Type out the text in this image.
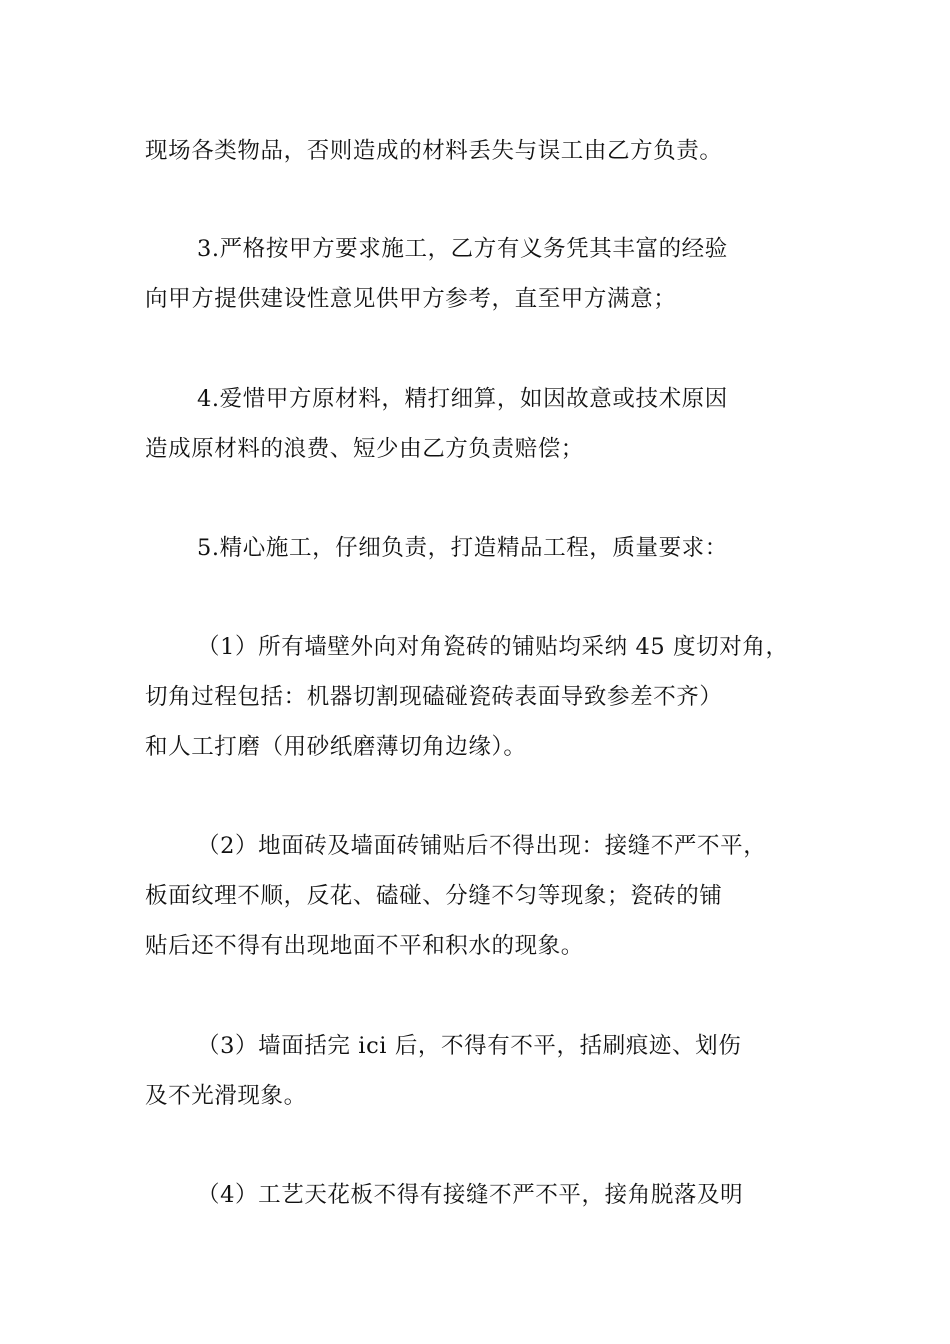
现场各类物品，否则造成的材料丢失与误工由乙方负责。
3.严格按甲方要求施工，乙方有义务凭其丰富的经验
向甲方提供建设性意见供甲方参考，直至甲方满意；
4.爱惜甲方原材料，精打细算，如因故意或技术原因
造成原材料的浪费、短少由乙方负责赔偿；
5.精心施工，仔细负责，打造精品工程，质量要求：
（1）所有墙壁外向对角瓷砖的铺贴均采纳 45 度切对角，
切角过程包括：机器切割现磕碰瓷砖表面导致参差不齐）
和人工打磨（用砂纸磨薄切角边缘）。
（2）地面砖及墙面砖铺贴后不得出现：接缝不严不平，
板面纹理不顺，反花、磕碰、分缝不匀等现象；瓷砖的铺
贴后还不得有出现地面不平和积水的现象。
（3）墙面括完 ici 后，不得有不平，括刷痕迹、划伤
及不光滑现象。
（4）工艺天花板不得有接缝不严不平，接角脱落及明
